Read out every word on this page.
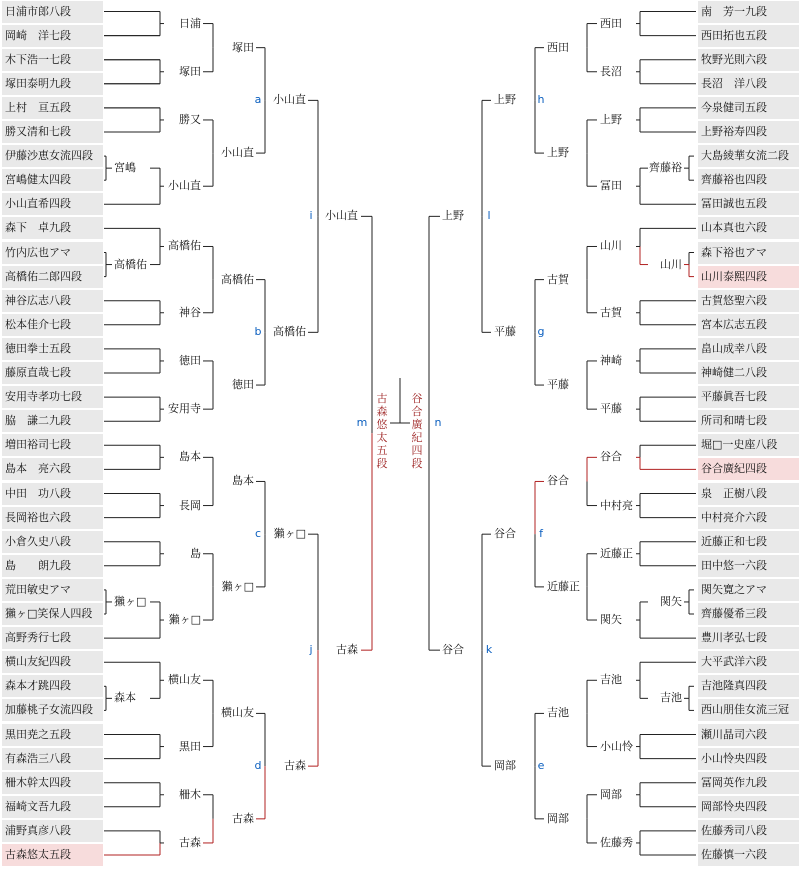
宮嶋
高橋佑
獺ヶ□
森本
日浦
塚田
勝又
小山直
高橋佑
神谷
徳田
安用寺
島本
長岡
島
獺ヶ□
横山友
黒田
柵木
古森
塚田
小山直
高橋佑
徳田
島本
獺ヶ□
横山友
古森
a 小山直
b 高橋佑
c 獺ヶ□
d 古森
i 小山直
j 古森
m
齊藤裕
山川
関矢
吉池
西田
長沼
上野
冨田
山川
古賀
神崎
平藤
谷合
中村亮
近藤正
関矢
吉池
小山怜
岡部
佐藤秀
西田
上野
古賀
平藤
谷合
近藤正
吉池
岡部
h
上野
g
平藤
f
谷合
e
岡部
l
上野
k
谷合
n
古森悠太五段
谷合廣紀四段
日浦市郎八段
岡崎　洋七段
木下浩一七段
塚田泰明九段
上村　亘五段
勝又清和七段
伊藤沙恵女流四段
宮嶋健太四段
小山直希四段
森下　卓九段
竹内広也アマ
高橋佑二郎四段
神谷広志八段
松本佳介七段
徳田拳士五段
藤原直哉七段
安用寺孝功七段
脇　謙二九段
増田裕司七段
島本　亮六段
中田　功八段
長岡裕也六段
小倉久史八段
島　　朗九段
荒田敏史アマ
獺ヶ□笑保人四段
高野秀行七段
横山友紀四段
森本才跳四段
加藤桃子女流四段
黒田尭之五段
有森浩三八段
柵木幹太四段
福崎文吾九段
浦野真彦八段
古森悠太五段
南　芳一九段
西田拓也五段
牧野光則六段
長沼　洋八段
今泉健司五段
上野裕寿四段
大島綾華女流二段
齊藤裕也四段
冨田誠也五段
山本真也六段
森下裕也アマ
山川泰熙四段
古賀悠聖六段
宮本広志五段
畠山成幸八段
神崎健二八段
平藤眞吾七段
所司和晴七段
堀□一史座八段
谷合廣紀四段
泉　正樹八段
中村亮介六段
近藤正和七段
田中悠一六段
関矢寛之アマ
齊藤優希三段
豊川孝弘七段
大平武洋六段
吉池隆真四段
西山朋佳女流三冠
瀬川晶司六段
小山怜央四段
冨岡英作九段
岡部怜央四段
佐藤秀司八段
佐藤慎一六段
